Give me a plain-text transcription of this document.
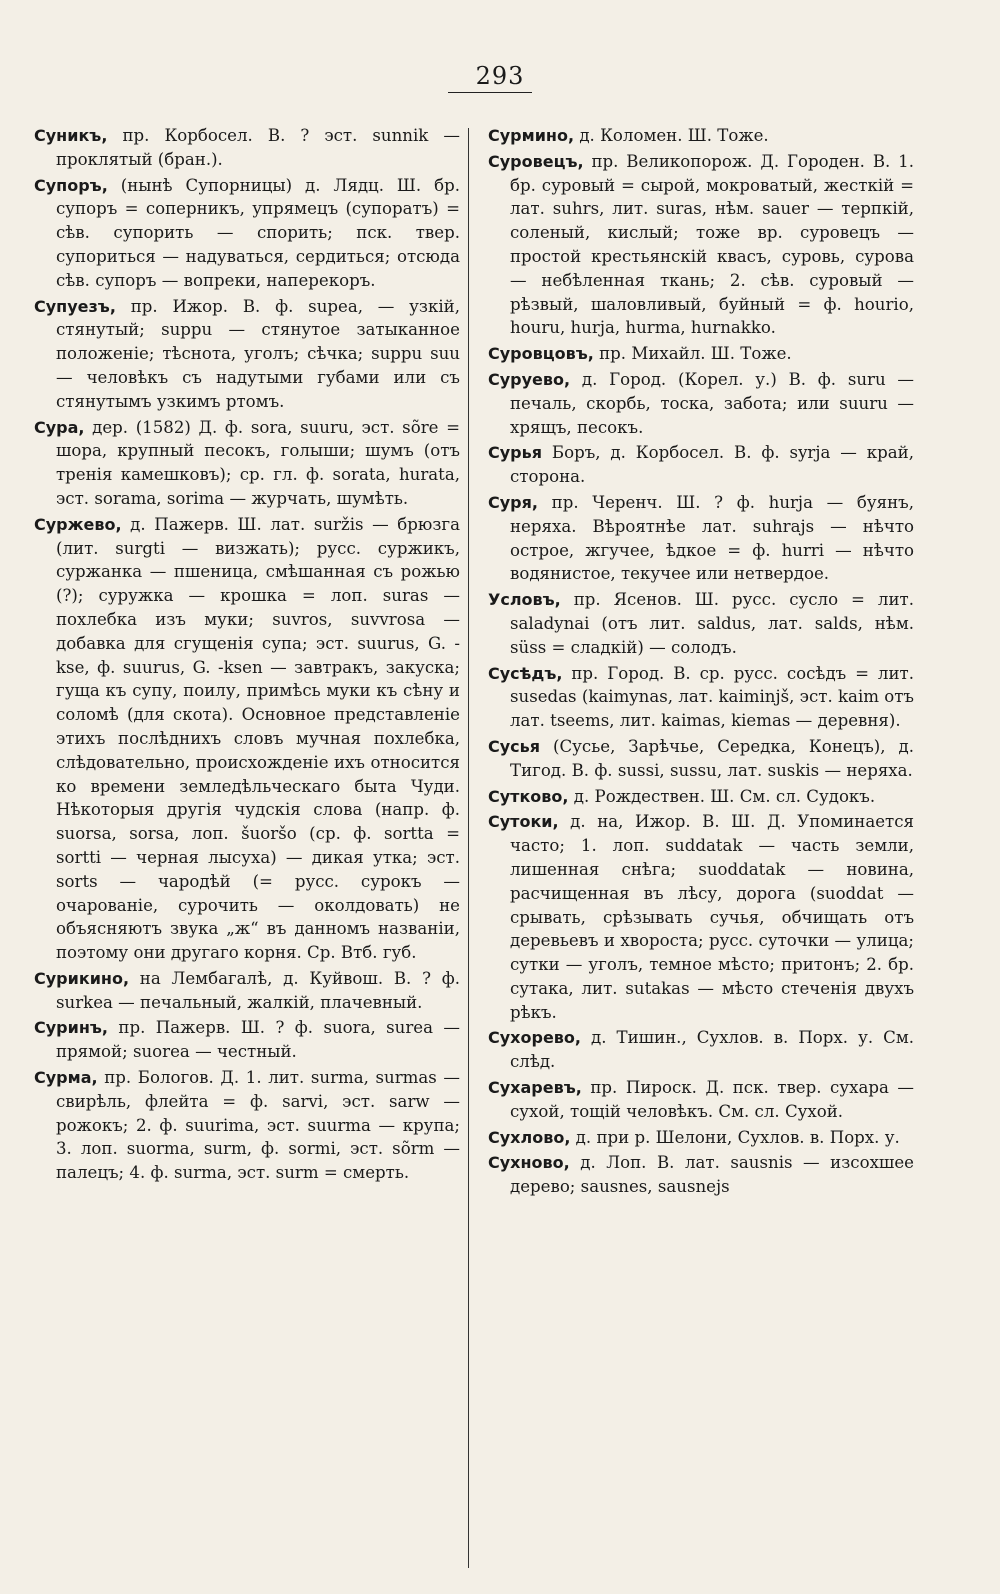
293

Суникъ, пр. Корбосел. В. ? эст. sunnik — проклятый (бран.).

Супоръ, (нынѣ Супорницы) д. Лядц. Ш. бр. супоръ = соперникъ, упрямецъ (супоратъ) = сѣв. супорить — спорить; пск. твер. супориться — надуваться, сердиться; отсюда сѣв. супоръ — вопреки, наперекоръ.

Супуезъ, пр. Ижор. В. ф. supea, — узкій, стянутый; suppu — стянутое затыканное положеніе; тѣснота, уголъ; сѣчка; suppu suu — человѣкъ съ надутыми губами или съ стянутымъ узкимъ ртомъ.

Сура, дер. (1582) Д. ф. sora, suuru, эст. sõre = шора, крупный песокъ, голыши; шумъ (отъ тренія камешковъ); ср. гл. ф. sorata, hurata, эст. sorama, sorima — журчать, шумѣть.

Суржево, д. Пажерв. Ш. лат. suržis — брюзга (лит. surgti — визжать); русс. суржикъ, суржанка — пшеница, смѣшанная съ рожью (?); суружка — крошка = лоп. suras — похлебка изъ муки; suvros, suvvrosa — добавка для сгущенія супа; эст. suurus, G. -kse, ф. suurus, G. -ksen — завтракъ, закуска; гуща къ супу, поилу, примѣсь муки къ сѣну и соломѣ (для скота). Основное представленіе этихъ послѣднихъ словъ мучная похлебка, слѣдовательно, происхожденіе ихъ относится ко времени земледѣльческаго быта Чуди. Нѣкоторыя другія чудскія слова (напр. ф. suorsa, sorsa, лоп. šuoršo (ср. ф. sortta = sortti — черная лысуха) — дикая утка; эст. sorts — чародѣй (= русс. сурокъ — очарованіе, сурочить — околдовать) не объясняютъ звука „ж“ въ данномъ названіи, поэтому они другаго корня. Ср. Втб. губ.

Сурикино, на Лембагалѣ, д. Куйвош. В. ? ф. surkea — печальный, жалкій, плачевный.

Суринъ, пр. Пажерв. Ш. ? ф. suora, surea — прямой; suorea — честный.

Сурма, пр. Бологов. Д. 1. лит. surma, surmas — свирѣль, флейта = ф. sarvi, эст. sarw — рожокъ; 2. ф. suurima, эст. suurma — крупа; 3. лоп. suorma, surm, ф. sormi, эст. sõrm — палецъ; 4. ф. surma, эст. surm = смерть.

Сурмино, д. Коломен. Ш. Тоже.

Суровецъ, пр. Великопорож. Д. Городен. В. 1. бр. суровый = сырой, мокроватый, жесткій = лат. suhrs, лит. suras, нѣм. sauer — терпкій, соленый, кислый; тоже вр. суровецъ — простой крестьянскій квасъ, суровь, сурова — небѣленная ткань; 2. сѣв. суровый — рѣзвый, шаловливый, буйный = ф. hourio, houru, hurja, hurma, hurnakko.

Суровцовъ, пр. Михайл. Ш. Тоже.

Суруево, д. Город. (Корел. у.) В. ф. suru — печаль, скорбь, тоска, забота; или suuru — хрящъ, песокъ.

Сурья Боръ, д. Корбосел. В. ф. syrja — край, сторона.

Суря, пр. Черенч. Ш. ? ф. hurja — буянъ, неряха. Вѣроятнѣе лат. suhrajs — нѣчто острое, жгучее, ѣдкое = ф. hurri — нѣчто водянистое, текучее или нетвердое.

Условъ, пр. Ясенов. Ш. русс. сусло = лит. saladynai (отъ лит. saldus, лат. salds, нѣм. süss = сладкій) — солодъ.

Сусѣдъ, пр. Город. В. ср. русс. сосѣдъ = лит. susedas (kaimynas, лат. kaiminjš, эст. kaim отъ лат. tseems, лит. kaimas, kiemas — деревня).

Сусья (Сусье, Зарѣчье, Середка, Конецъ), д. Тигод. В. ф. sussi, sussu, лат. suskis — неряха.

Сутково, д. Рождествен. Ш. См. сл. Судокъ.

Сутоки, д. на, Ижор. В. Ш. Д. Упоминается часто; 1. лоп. suddatak — часть земли, лишенная снѣга; suoddatak — новина, расчищенная въ лѣсу, дорога (suoddat — срывать, срѣзывать сучья, обчищать отъ деревьевъ и хвороста; русс. суточки — улица; сутки — уголъ, темное мѣсто; притонъ; 2. бр. сутака, лит. sutakas — мѣсто стеченія двухъ рѣкъ.

Сухорево, д. Тишин., Сухлов. в. Порх. у. См. слѣд.

Сухаревъ, пр. Пироск. Д. пск. твер. сухара — сухой, тощій человѣкъ. См. сл. Сухой.

Сухлово, д. при р. Шелони, Сухлов. в. Порх. у.

Сухново, д. Лоп. В. лат. sausnis — изсохшее дерево; sausnes, sausnejs
